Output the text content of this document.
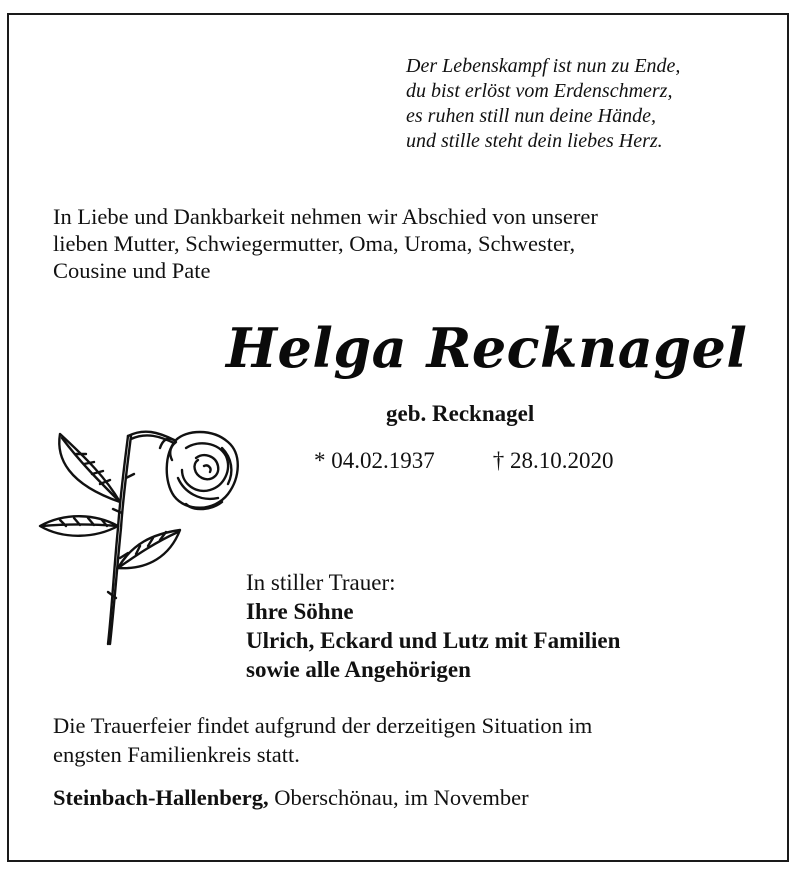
Der Lebenskampf ist nun zu Ende,
du bist erlöst vom Erdenschmerz,
es ruhen still nun deine Hände,
und stille steht dein liebes Herz.
In Liebe und Dankbarkeit nehmen wir Abschied von unserer
lieben Mutter, Schwiegermutter, Oma, Uroma, Schwester,
Cousine und Pate
Helga Recknagel
geb. Recknagel
* 04.02.1937	† 28.10.2020
In stiller Trauer:
Ihre Söhne
Ulrich, Eckard und Lutz mit Familien
sowie alle Angehörigen
Die Trauerfeier findet aufgrund der derzeitigen Situation im
engsten Familienkreis statt.
Steinbach-Hallenberg, Oberschönau, im November
